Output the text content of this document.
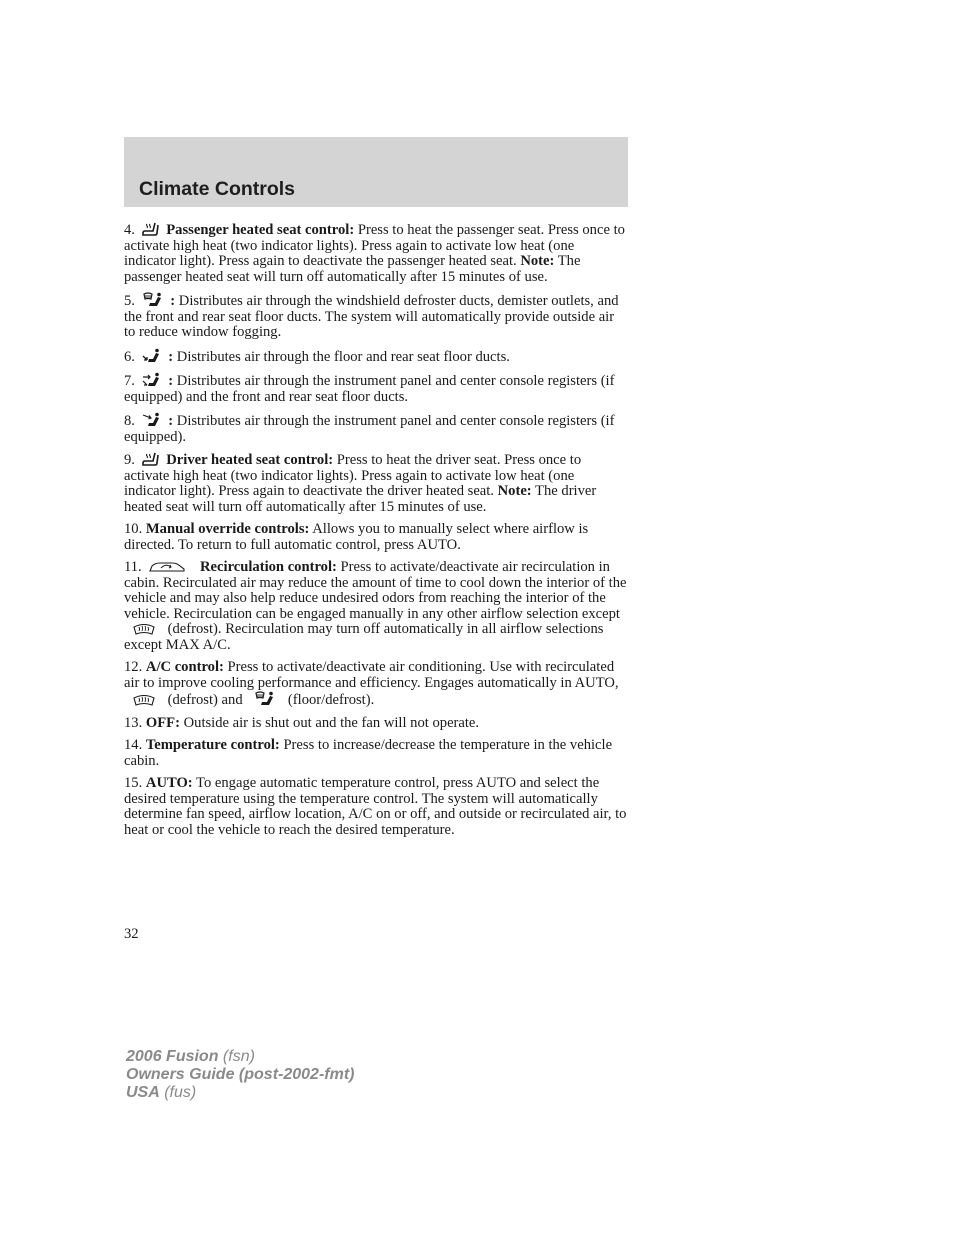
Climate Controls

4. Passenger heated seat control: Press to heat the passenger seat. Press once to activate high heat (two indicator lights). Press again to activate low heat (one indicator light). Press again to deactivate the passenger heated seat. Note: The passenger heated seat will turn off automatically after 15 minutes of use.

5. : Distributes air through the windshield defroster ducts, demister outlets, and the front and rear seat floor ducts. The system will automatically provide outside air to reduce window fogging.

6. : Distributes air through the floor and rear seat floor ducts.

7. : Distributes air through the instrument panel and center console registers (if equipped) and the front and rear seat floor ducts.

8. : Distributes air through the instrument panel and center console registers (if equipped).

9. Driver heated seat control: Press to heat the driver seat. Press once to activate high heat (two indicator lights). Press again to activate low heat (one indicator light). Press again to deactivate the driver heated seat. Note: The driver heated seat will turn off automatically after 15 minutes of use.

10. Manual override controls: Allows you to manually select where airflow is directed. To return to full automatic control, press AUTO.

11.	Recirculation control: Press to activate/deactivate air recirculation in cabin. Recirculated air may reduce the amount of time to cool down the interior of the vehicle and may also help reduce undesired odors from reaching the interior of the vehicle. Recirculation can be engaged manually in any other airflow selection except
(defrost). Recirculation may turn off automatically in all airflow selections except MAX A/C.

12. A/C control: Press to activate/deactivate air conditioning. Use with recirculated air to improve cooling performance and efficiency. Engages automatically in AUTO,
(defrost) and	(floor/defrost).

13. OFF: Outside air is shut out and the fan will not operate.

14. Temperature control: Press to increase/decrease the temperature in the vehicle cabin.

15. AUTO: To engage automatic temperature control, press AUTO and select the desired temperature using the temperature control. The system will automatically determine fan speed, airflow location, A/C on or off, and outside or recirculated air, to heat or cool the vehicle to reach the desired temperature.

32
2006 Fusion (fsn)
Owners Guide (post-2002-fmt)
USA (fus)
